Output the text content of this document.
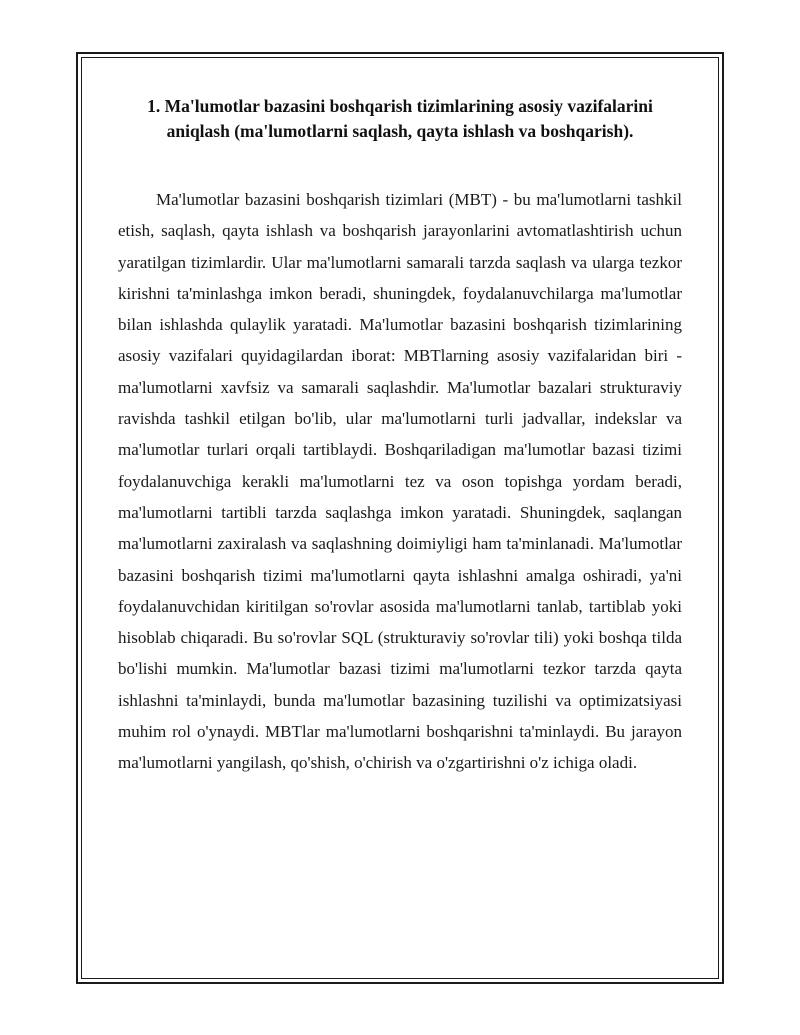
1. Ma'lumotlar bazasini boshqarish tizimlarining asosiy vazifalarini aniqlash (ma'lumotlarni saqlash, qayta ishlash va boshqarish).

Ma'lumotlar bazasini boshqarish tizimlari (MBT) - bu ma'lumotlarni tashkil etish, saqlash, qayta ishlash va boshqarish jarayonlarini avtomatlashtirish uchun yaratilgan tizimlardir. Ular ma'lumotlarni samarali tarzda saqlash va ularga tezkor kirishni ta'minlashga imkon beradi, shuningdek, foydalanuvchilarga ma'lumotlar bilan ishlashda qulaylik yaratadi. Ma'lumotlar bazasini boshqarish tizimlarining asosiy vazifalari quyidagilardan iborat: MBTlarning asosiy vazifalaridan biri - ma'lumotlarni xavfsiz va samarali saqlashdir. Ma'lumotlar bazalari strukturaviy ravishda tashkil etilgan bo'lib, ular ma'lumotlarni turli jadvallar, indekslar va ma'lumotlar turlari orqali tartiblaydi. Boshqariladigan ma'lumotlar bazasi tizimi foydalanuvchiga kerakli ma'lumotlarni tez va oson topishga yordam beradi, ma'lumotlarni tartibli tarzda saqlashga imkon yaratadi. Shuningdek, saqlangan ma'lumotlarni zaxiralash va saqlashning doimiyligi ham ta'minlanadi. Ma'lumotlar bazasini boshqarish tizimi ma'lumotlarni qayta ishlashni amalga oshiradi, ya'ni foydalanuvchidan kiritilgan so'rovlar asosida ma'lumotlarni tanlab, tartiblab yoki hisoblab chiqaradi. Bu so'rovlar SQL (strukturaviy so'rovlar tili) yoki boshqa tilda bo'lishi mumkin. Ma'lumotlar bazasi tizimi ma'lumotlarni tezkor tarzda qayta ishlashni ta'minlaydi, bunda ma'lumotlar bazasining tuzilishi va optimizatsiyasi muhim rol o'ynaydi. MBTlar ma'lumotlarni boshqarishni ta'minlaydi. Bu jarayon ma'lumotlarni yangilash, qo'shish, o'chirish va o'zgartirishni o'z ichiga oladi.
